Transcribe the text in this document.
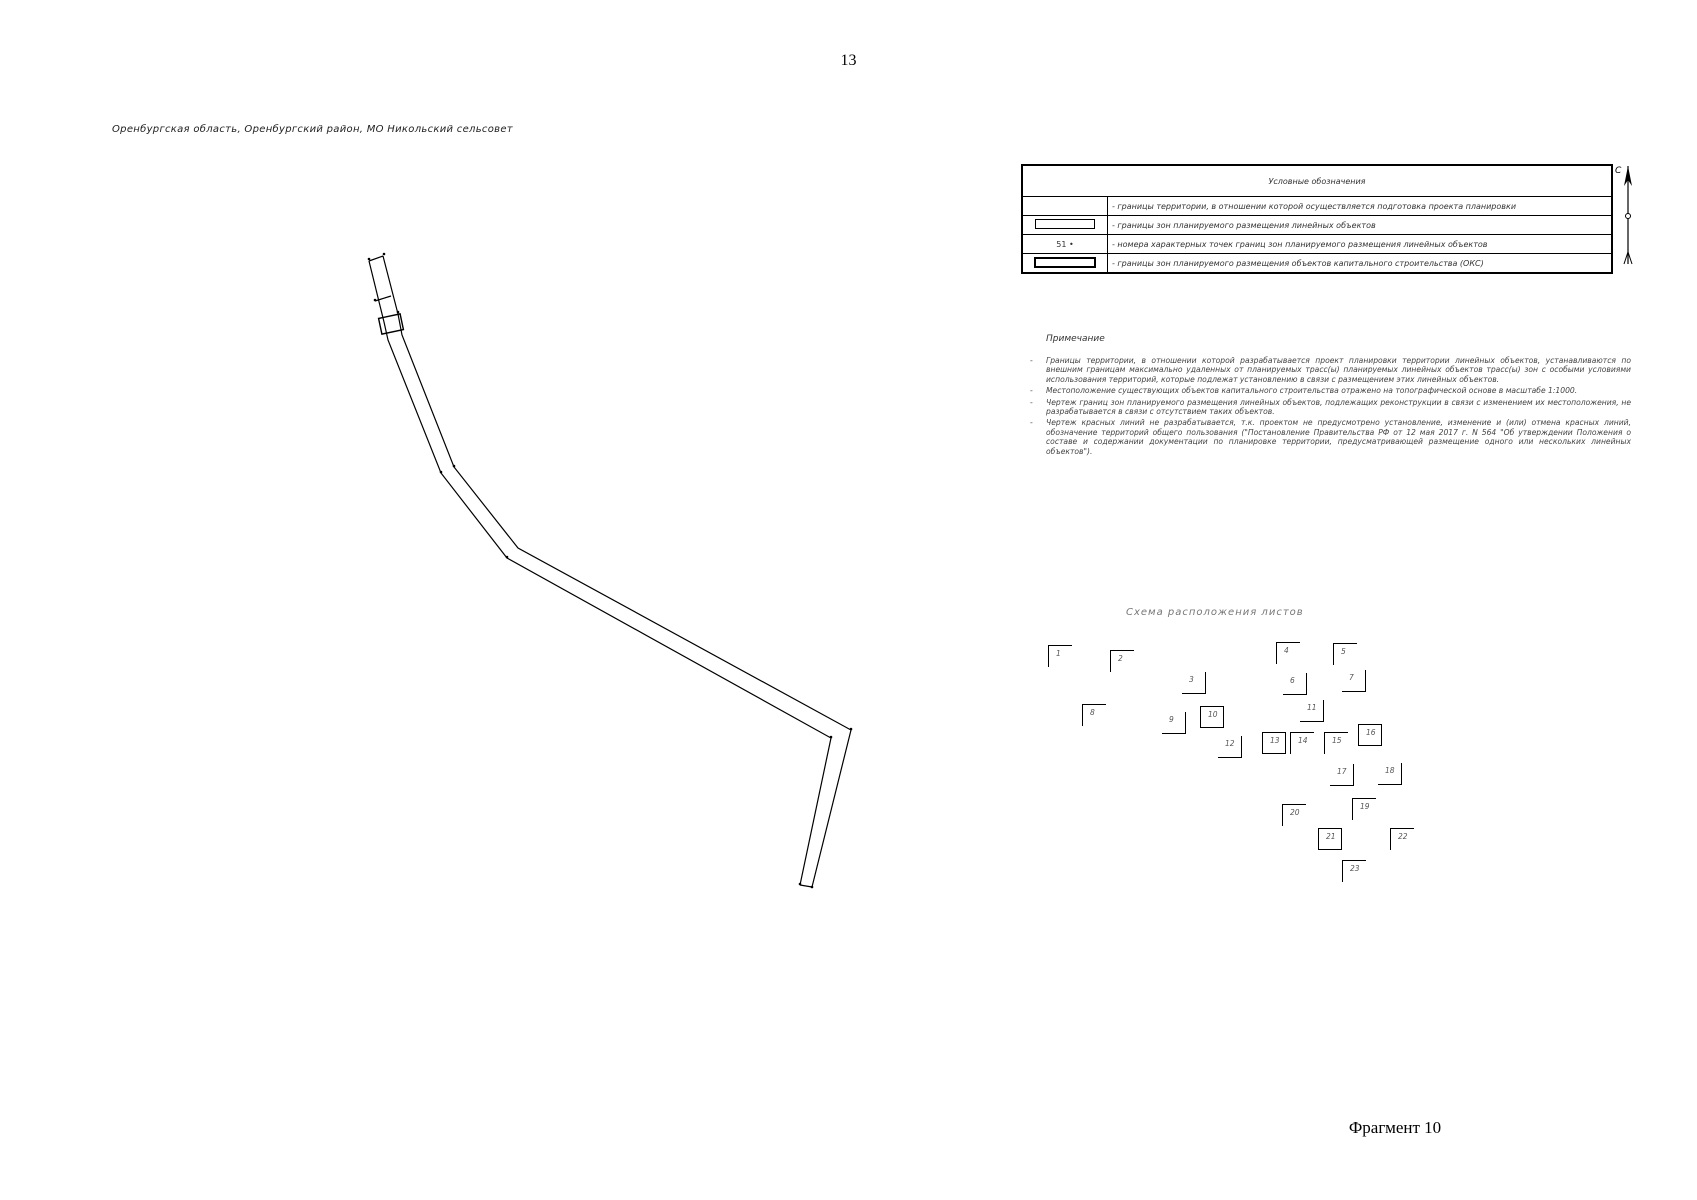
13
Оренбургская область, Оренбургский район, МО Никольский сельсовет
Условные обозначения	
	- границы территории, в отношении которой осуществляется подготовка проекта планировки
	- границы зон планируемого размещения линейных объектов
51 •	- номера характерных точек границ зон планируемого размещения линейных объектов
	- границы зон планируемого размещения объектов капитального строительства (ОКС)
С
Примечание
- Границы территории, в отношении которой разрабатывается проект планировки территории линейных объектов, устанавливаются по внешним границам максимально удаленных от планируемых трасс(ы) планируемых линейных объектов трасс(ы) зон с особыми условиями использования территорий, которые подлежат установлению в связи с размещением этих линейных объектов.
- Местоположение существующих объектов капитального строительства отражено на топографической основе в масштабе 1:1000.
- Чертеж границ зон планируемого размещения линейных объектов, подлежащих реконструкции в связи с изменением их местоположения, не разрабатывается в связи с отсутствием таких объектов.
- Чертеж красных линий не разрабатывается, т.к. проектом не предусмотрено установление, изменение и (или) отмена красных линий, обозначение территорий общего пользования ("Постановление Правительства РФ от 12 мая 2017 г. N 564 "Об утверждении Положения о составе и содержании документации по планировке территории, предусматривающей размещение одного или нескольких линейных объектов").
Схема расположения листов
1
2
3
4	5
6	7
8
9
10
11
12	13	14	15
16
17	18
19
20
21	22
23
Фрагмент 10
